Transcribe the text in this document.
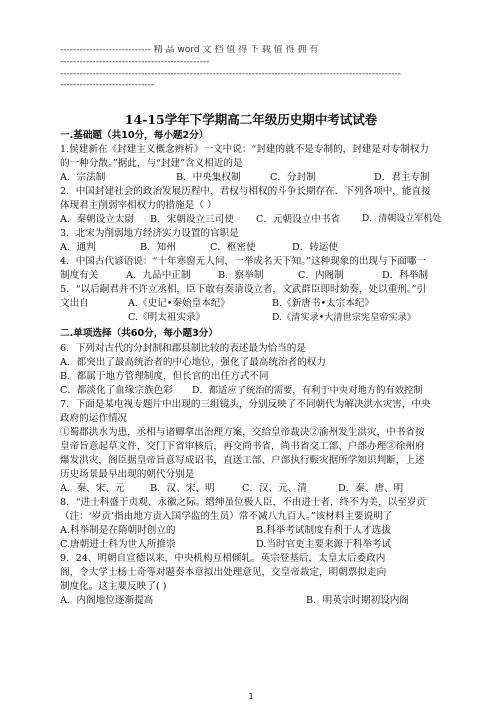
---------------------------- 精 品 word 文 档 值 得 下 载 值 得 拥 有
----------------------------------------------
---------------------------------------------------------------------------------------------------------
-----------------------------
14-15学年下学期高二年级历史期中考试试卷
一.基础题（共10分，每小题2分）
1.侯建新在《封建主义概念辨析》一文中说：“封建的就不是专制的，封建是对专制权力
的一种分散。”据此，与“封建”含义相近的是
A．宗法制	B．中央集权制	C．分封制	D．君主专制
2．中国封建社会的政治发展历程中，君权与相权的斗争长期存在．下列各项中，能直接
体现君主削弱宰相权力的措施是（ ）
A．秦朝设立太尉 B．宋朝设立三司使 C．元朝设立中书省 D．清朝设立军机处
3．北宋为削弱地方经济实力设置的官职是
A．通判	B．知州	C．枢密使	D．转运使
4．中国古代谚语说：“十年寒窗无人问，一举成名天下知。”这种现象的出现与下面哪一
制度有关	A．九品中正制	B．察举制	C．内阁制	D．科举制
5．“以后嗣君并不许立丞相，臣下敢有奏请设立者，文武群臣即时劾奏，处以重刑。”引
文出自	A.《史记•秦始皇本纪》	B.《新唐书•太宗本纪》
C.《明太祖实录》	D.《清实录•大清世宗宪皇帝实录》
二.单项选择（共60分，每小题3分）
6．下列对古代的分封制和郡县制比较的表述最为恰当的是
A．都突出了最高统治者的中心地位，强化了最高统治者的权力
B．都属于地方管理制度，但长官的出任方式不同
C．都淡化了血缘宗族色彩 D．都适应了统治的需要，有利于中央对地方的有效控制
7．下面是某电视专题片中出现的三组镜头，分别反映了不同朝代为解决洪水灾害，中央
政府的运作情况
①蜀郡洪水为患，丞相与诸卿拿出治理方案，交给皇帝裁决②渝州发生洪灾，中书省按
皇帝旨意起草文件，交门下省审核后，再交尚书省，尚书省交工部、户部办理③徐州府
爆发洪灾，阁臣据皇帝旨意写成诏书，直送工部、户部执行赈灾据所学知识判断，上述
历史场景最早出现的朝代分别是
A．秦、宋、元	B．汉、宋、明	C．汉、元、清	D．秦、唐、明
8．“进士科盛于贞观、永徽之际。缙绅虽位极人臣，不由进士者，终不为美，以至岁贡
（注：‘岁贡’指由地方贡入国学监的生员）常不减八九百人。”该材料主要说明了
A.科举制是在隋朝时创立的	B.科举考试制度有利于人才选拔
C.唐朝进士科为世人所推崇	D.当时官吏主要来源于科举考试
9．24、明朝自宣德以来，中央机构互相倾轧。英宗登基后，太皇太后委政内
阁，令大学士杨士奇等对题奏本章拟出处理意见，交皇帝裁定，明朝票拟走向
制度化。这主要反映了( )
A．内阁地位逐渐提高	B．明英宗时期初设内阁
1
